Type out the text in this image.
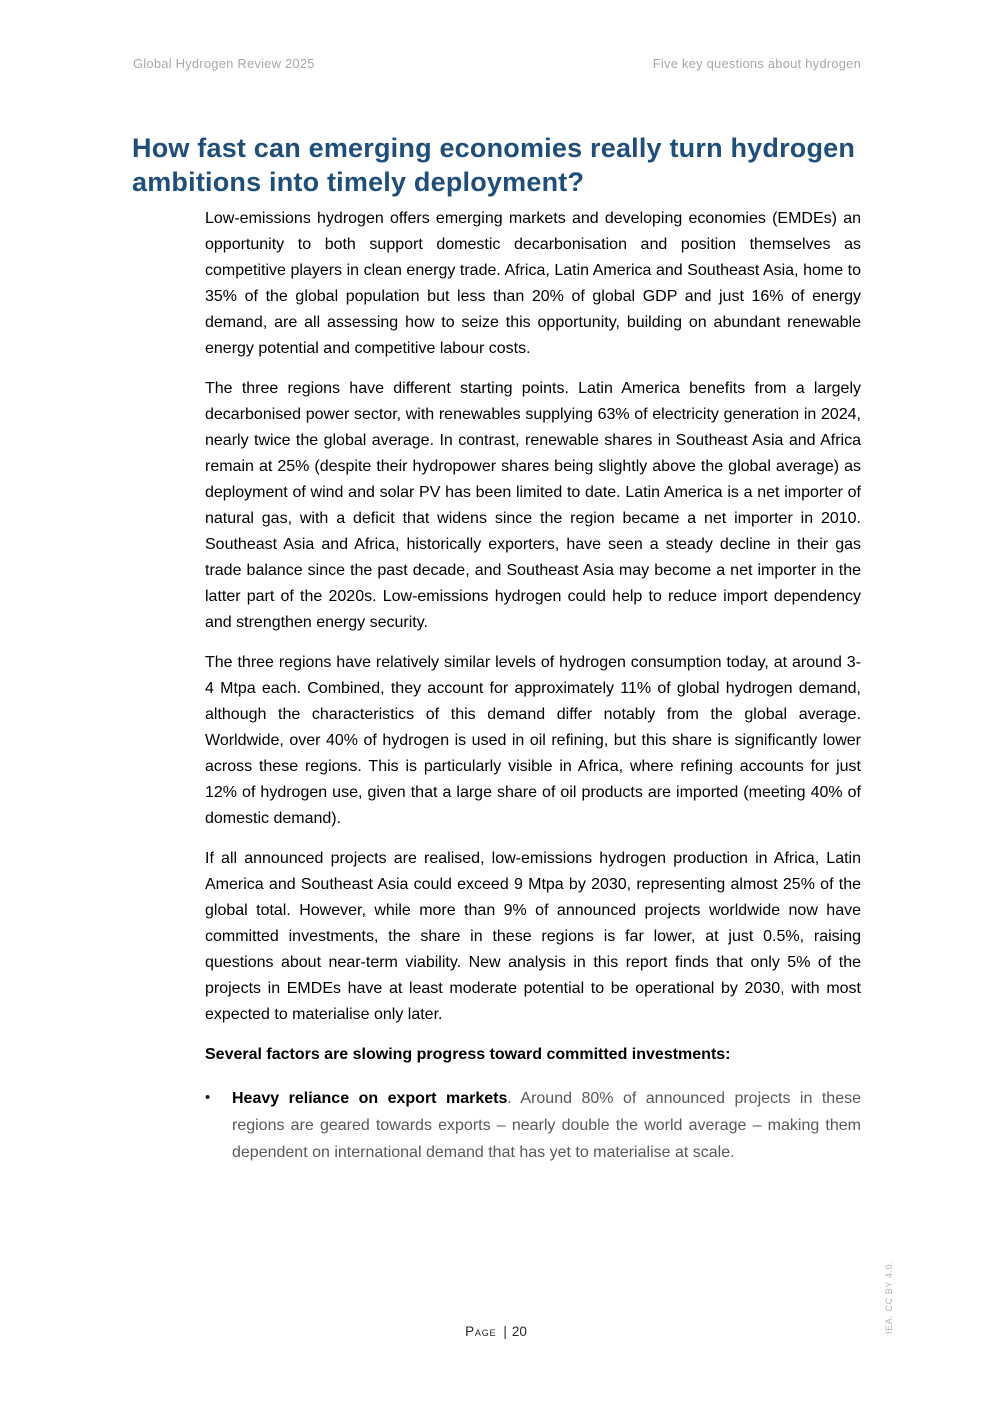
Global Hydrogen Review 2025	Five key questions about hydrogen
How fast can emerging economies really turn hydrogen ambitions into timely deployment?

Low-emissions hydrogen offers emerging markets and developing economies (EMDEs) an opportunity to both support domestic decarbonisation and position themselves as competitive players in clean energy trade. Africa, Latin America and Southeast Asia, home to 35% of the global population but less than 20% of global GDP and just 16% of energy demand, are all assessing how to seize this opportunity, building on abundant renewable energy potential and competitive labour costs.

The three regions have different starting points. Latin America benefits from a largely decarbonised power sector, with renewables supplying 63% of electricity generation in 2024, nearly twice the global average. In contrast, renewable shares in Southeast Asia and Africa remain at 25% (despite their hydropower shares being slightly above the global average) as deployment of wind and solar PV has been limited to date. Latin America is a net importer of natural gas, with a deficit that widens since the region became a net importer in 2010. Southeast Asia and Africa, historically exporters, have seen a steady decline in their gas trade balance since the past decade, and Southeast Asia may become a net importer in the latter part of the 2020s. Low-emissions hydrogen could help to reduce import dependency and strengthen energy security.

The three regions have relatively similar levels of hydrogen consumption today, at around 3-4 Mtpa each. Combined, they account for approximately 11% of global hydrogen demand, although the characteristics of this demand differ notably from the global average. Worldwide, over 40% of hydrogen is used in oil refining, but this share is significantly lower across these regions. This is particularly visible in Africa, where refining accounts for just 12% of hydrogen use, given that a large share of oil products are imported (meeting 40% of domestic demand).

If all announced projects are realised, low-emissions hydrogen production in Africa, Latin America and Southeast Asia could exceed 9 Mtpa by 2030, representing almost 25% of the global total. However, while more than 9% of announced projects worldwide now have committed investments, the share in these regions is far lower, at just 0.5%, raising questions about near-term viability. New analysis in this report finds that only 5% of the projects in EMDEs have at least moderate potential to be operational by 2030, with most expected to materialise only later.

Several factors are slowing progress toward committed investments:

•	Heavy reliance on export markets. Around 80% of announced projects in these regions are geared towards exports – nearly double the world average – making them dependent on international demand that has yet to materialise at scale.
Page | 20	IEA. CC BY 4.0.
